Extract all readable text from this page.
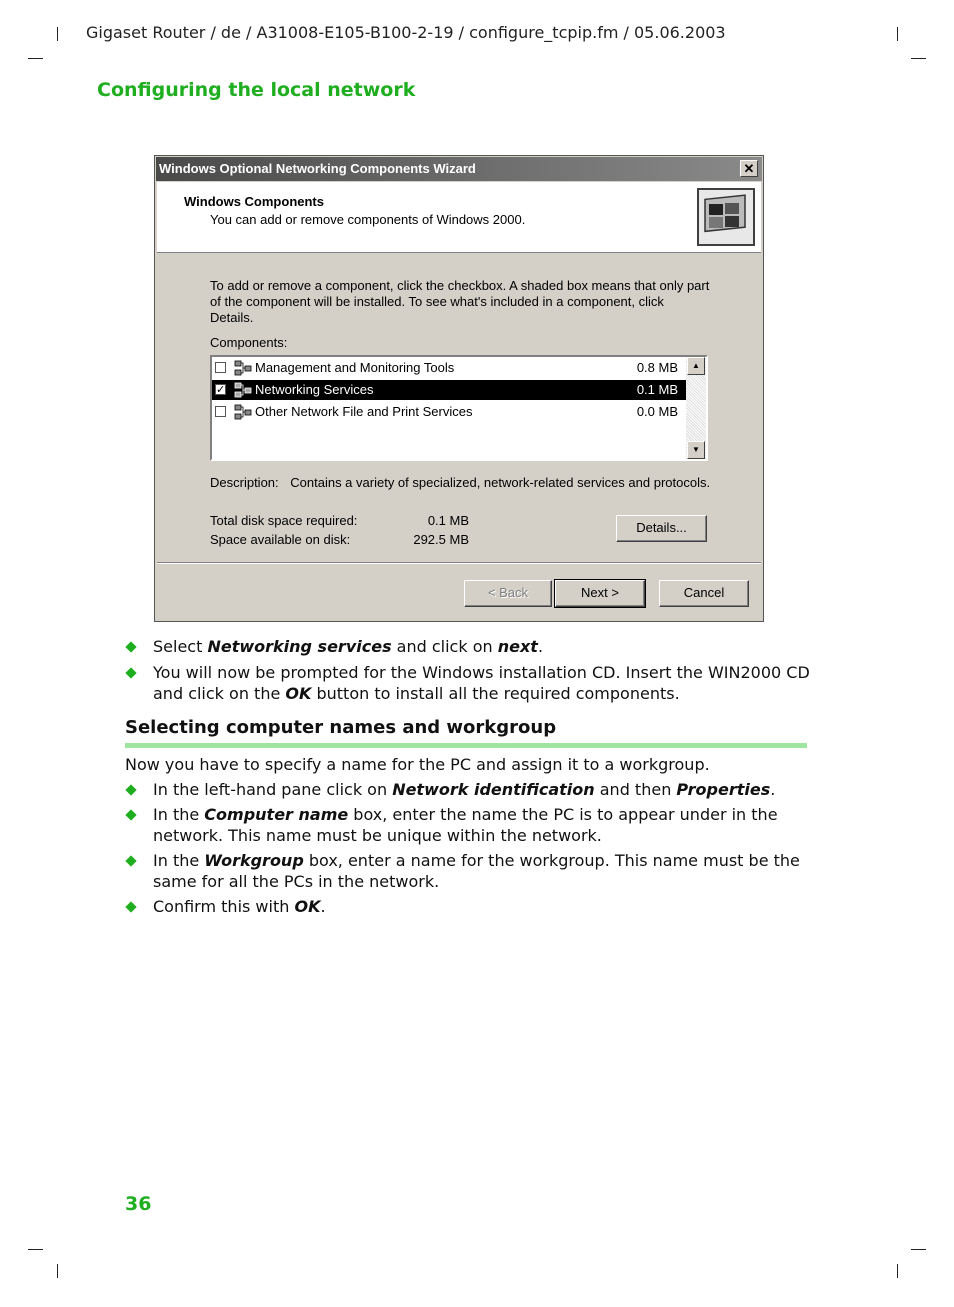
Gigaset Router / de / A31008-E105-B100-2-19 / configure_tcpip.fm / 05.06.2003
Configuring the local network
Windows Optional Networking Components Wizard	✕
Windows Components
You can add or remove components of Windows 2000.
To add or remove a component, click the checkbox. A shaded box means that only part of the component will be installed. To see what's included in a component, click Details.
Components:
Management and Monitoring Tools	0.8 MB
✓ Networking Services	0.1 MB
Other Network File and Print Services	0.0 MB
▲
▼
Description: Contains a variety of specialized, network-related services and protocols.
Total disk space required:	0.1 MB
Space available on disk:	292.5 MB
Details...
< Back	Next >	Cancel
Select Networking services and click on next.
You will now be prompted for the Windows installation CD. Insert the WIN2000 CD and click on the OK button to install all the required components.
Selecting computer names and workgroup
Now you have to specify a name for the PC and assign it to a workgroup.
In the left-hand pane click on Network identification and then Properties.
In the Computer name box, enter the name the PC is to appear under in the network. This name must be unique within the network.
In the Workgroup box, enter a name for the workgroup. This name must be the same for all the PCs in the network.
Confirm this with OK.
36
